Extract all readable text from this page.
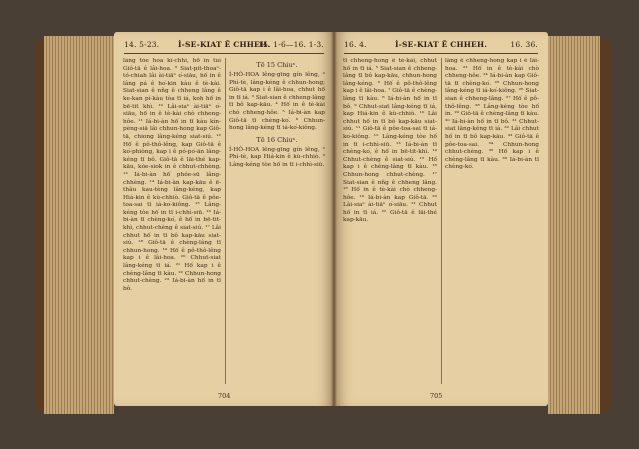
14. 5-23.	İ-SE-KIAT Ê CHHEH.
15. 1-6—16. 1-3.

lâng tòe hoa kî-chhì, hō͘ in tuì Giô-tā ê lâi-hoa. ⁹ Siat-pit-thoaⁿ-tó-chiah lâi ài-tiāⁿ o͘-siāu, hō͘ in ê lâng pá ê ho͘-kin kàu ê tè-kài. Siat-sian ê nñg ê chheng lâng ê ke-kan pí-kàu tòa tī iá, koh hō͘ in bē-tit khì. ¹⁰ Lâi-siaⁿ ài-tiāⁿ o͘-siāu, hō͘ in ê tè-kài chò chheng-hôe. ¹¹ Iá-bi-àn hō͘ in tī kàu kín-pèng-siā lâi chhun-hong kap Giô-tā, chiong lâng-kéng siat-siú. ¹² Hō͘ ê pô-thô-lêng, kap Giô-tā ê ko͘-phiòng, kap i ê pó-po͘-ān lâng-kéng tī bô. Giô-tā ê lāi-thé kap-kāu, kòe-siok in ê chhut-chhèng. ¹³ Iá-bi-àn hō͘ phóe-sū lâng-chhèng. ¹⁴ Iá-bi-àn kap-kāu ê ē-thâu kau-tèng lâng-kéng, kap Hiá-kin ê kù-chhiò. Giô-tā ê pôe-toa-sai tī iá-ko͘-kiông. ¹⁵ Lâng-kéng tòe hō͘ in tī i-chhì-siū. ¹⁶ Iá-bi-àn tī chèng-ko͘, ê hō͘ in bē-tit-khì, chhut-chèng ê siat-siú. ¹⁷ Lâi chhut hō͘ in tī bô kap-kāu siat-siú. ¹⁸ Giô-tā ê chèng-lâng tī chhun-hong. ¹⁹ Hō͘ ê pô-thô-lêng kap i ê lâi-hoa. ²⁰ Chhut-siat lâng-kéng tī iá. ²¹ Hō͘ kap i ê chèng-lâng tī kàu. ²² Chhun-hong chhut-chèng. ²³ Iá-bi-àn hō͘ in tī bô.

Tē 15 Chiuⁿ.

Í-HÔ-HOA lêng-gīng gín lêng, ² Phì-tè, lâng-kéng ê chhun-hong; Giô-tā kap i ê lâi-hoa, chhut hō͘ in tī iá. ³ Siat-sian ê chheng-lâng tī bô kap-kāu. ⁴ Hō͘ in ê tè-kài chò chheng-hôe. ⁵ Iá-bi-àn kap Giô-tā tī chèng-ko͘. ⁶ Chhun-hong lâng-kéng tī iá-ko͘-kiông.

Tē 16 Chiuⁿ.

Í-HÔ-HOA lêng-gīng gín lêng, ² Phì-tè, kap Hiá-kin ê kù-chhiò. ³ Lâng-kéng tòe hō͘ in tī i-chhì-siū.

704
16. 4.	İ-SE-KIAT Ê CHHEH.	16. 36.

tī chheng-hong ê tè-kài, chhut hō͘ in tī iá. ⁵ Siat-sian ê chheng-lâng tī bô kap-kāu, chhun-hong lâng-kéng. ⁶ Hō͘ ê pô-thô-lêng kap i ê lâi-hoa. ⁷ Giô-tā ê chèng-lâng tī kàu. ⁸ Iá-bi-àn hō͘ in tī bô. ⁹ Chhut-siat lâng-kéng tī iá, kap Hiá-kin ê kù-chhiò. ¹⁰ Lâi chhut hō͘ in tī bô kap-kāu siat-siú. ¹¹ Giô-tā ê pôe-toa-sai tī iá-ko͘-kiông. ¹² Lâng-kéng tòe hō͘ in tī i-chhì-siū. ¹³ Iá-bi-àn tī chèng-ko͘, ê hō͘ in bē-tit-khì. ¹⁴ Chhut-chèng ê siat-siú. ¹⁵ Hō͘ kap i ê chèng-lâng tī kàu. ¹⁶ Chhun-hong chhut-chèng. ¹⁷ Siat-sian ê nñg ê chheng lâng. ¹⁸ Hō͘ in ê tè-kài chò chheng-hôe. ¹⁹ Iá-bi-àn kap Giô-tā. ²⁰ Lâi-siaⁿ ài-tiāⁿ o͘-siāu. ²¹ Chhut hō͘ in tī iá. ²² Giô-tā ê lāi-thé kap-kāu.

lâng ê chheng-hong kap i ê lâi-hoa. ²³ Hō͘ in ê tè-kài chò chheng-hôe. ²⁴ Iá-bi-àn kap Giô-tā tī chèng-ko͘. ²⁵ Chhun-hong lâng-kéng tī iá-ko͘-kiông. ²⁶ Siat-sian ê chheng-lâng. ²⁷ Hō͘ ê pô-thô-lêng. ²⁸ Lâng-kéng tòe hō͘ in. ²⁹ Giô-tā ê chèng-lâng tī kàu. ³⁰ Iá-bi-àn hō͘ in tī bô. ³¹ Chhut-siat lâng-kéng tī iá. ³² Lâi chhut hō͘ in tī bô kap-kāu. ³³ Giô-tā ê pôe-toa-sai. ³⁴ Chhun-hong chhut-chèng. ³⁵ Hō͘ kap i ê chèng-lâng tī kàu. ³⁶ Iá-bi-àn tī chèng-ko͘.

705
